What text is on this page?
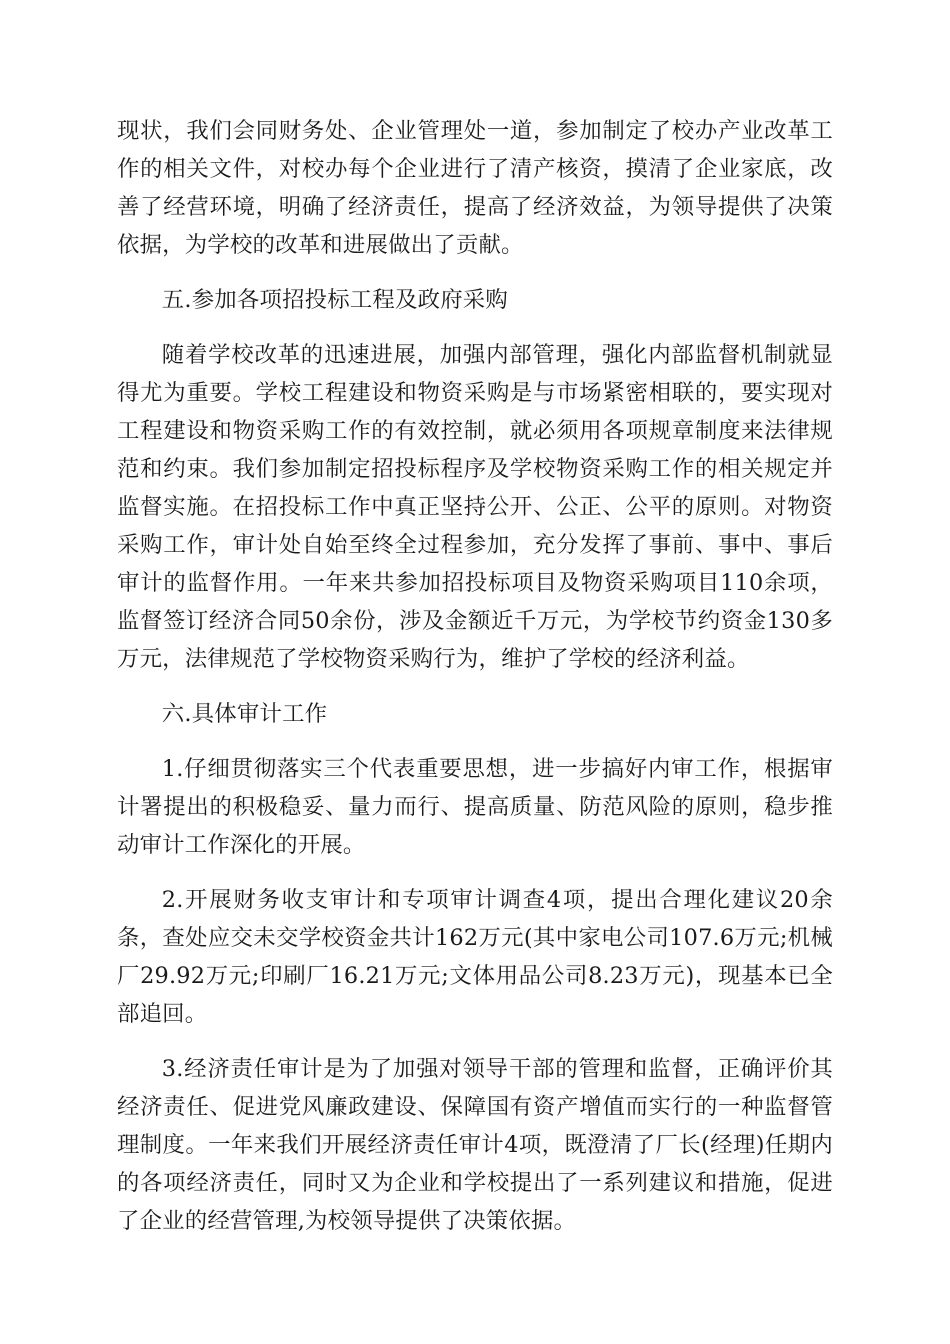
现状，我们会同财务处、企业管理处一道，参加制定了校办产业改革工作的相关文件，对校办每个企业进行了清产核资，摸清了企业家底，改善了经营环境，明确了经济责任，提高了经济效益，为领导提供了决策依据，为学校的改革和进展做出了贡献。

五.参加各项招投标工程及政府采购

随着学校改革的迅速进展，加强内部管理，强化内部监督机制就显得尤为重要。学校工程建设和物资采购是与市场紧密相联的，要实现对工程建设和物资采购工作的有效控制，就必须用各项规章制度来法律规范和约束。我们参加制定招投标程序及学校物资采购工作的相关规定并监督实施。在招投标工作中真正坚持公开、公正、公平的原则。对物资采购工作，审计处自始至终全过程参加，充分发挥了事前、事中、事后审计的监督作用。一年来共参加招投标项目及物资采购项目110余项，监督签订经济合同50余份，涉及金额近千万元，为学校节约资金130多万元，法律规范了学校物资采购行为，维护了学校的经济利益。

六.具体审计工作

1.仔细贯彻落实三个代表重要思想，进一步搞好内审工作，根据审计署提出的积极稳妥、量力而行、提高质量、防范风险的原则，稳步推动审计工作深化的开展。

2.开展财务收支审计和专项审计调查4项，提出合理化建议20余条，查处应交未交学校资金共计162万元(其中家电公司107.6万元;机械厂29.92万元;印刷厂16.21万元;文体用品公司8.23万元)，现基本已全部追回。

3.经济责任审计是为了加强对领导干部的管理和监督，正确评价其经济责任、促进党风廉政建设、保障国有资产增值而实行的一种监督管理制度。一年来我们开展经济责任审计4项，既澄清了厂长(经理)任期内的各项经济责任，同时又为企业和学校提出了一系列建议和措施，促进了企业的经营管理,为校领导提供了决策依据。
